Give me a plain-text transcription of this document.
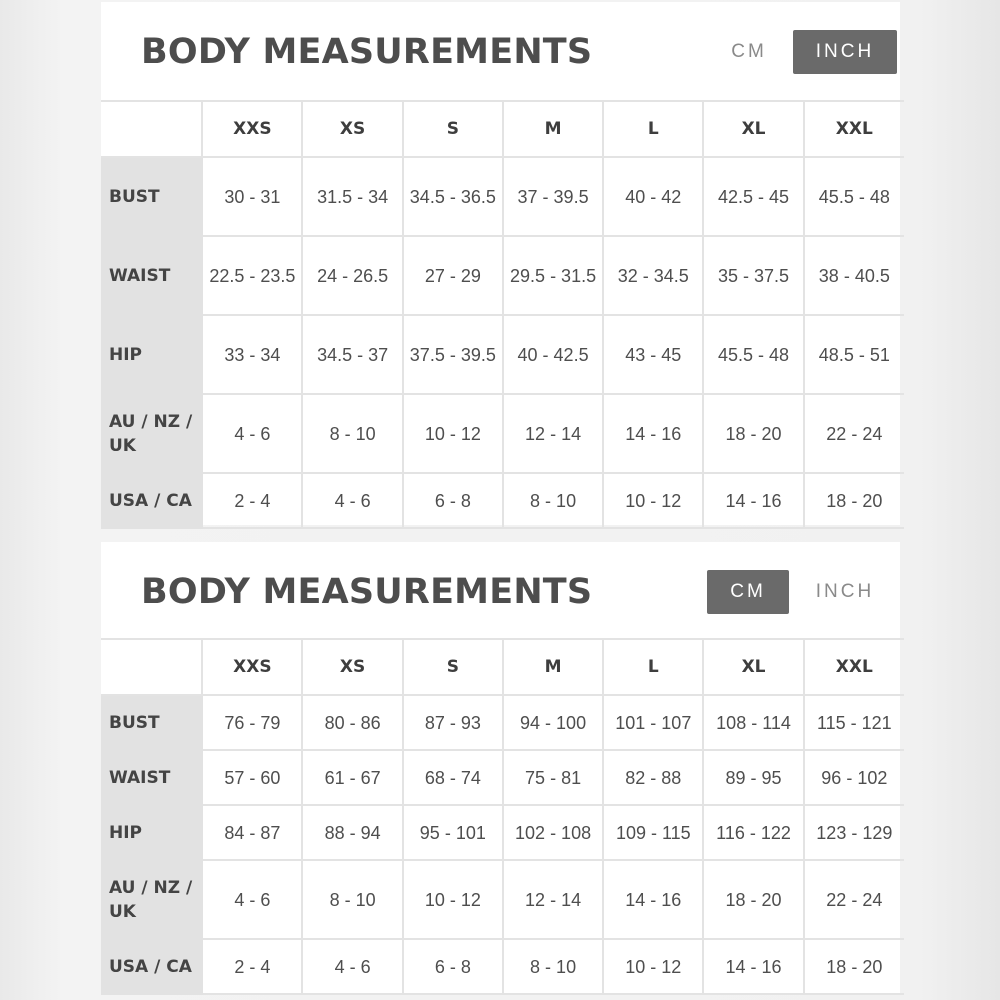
BODY MEASUREMENTS	CM	INCH
	XXS	XS	S	M	L	XL	XXL
BUST	30 - 31	31.5 - 34	34.5 - 36.5	37 - 39.5	40 - 42	42.5 - 45	45.5 - 48
WAIST	22.5 - 23.5	24 - 26.5	27 - 29	29.5 - 31.5	32 - 34.5	35 - 37.5	38 - 40.5
HIP	33 - 34	34.5 - 37	37.5 - 39.5	40 - 42.5	43 - 45	45.5 - 48	48.5 - 51
AU / NZ / UK	4 - 6	8 - 10	10 - 12	12 - 14	14 - 16	18 - 20	22 - 24
USA / CA	2 - 4	4 - 6	6 - 8	8 - 10	10 - 12	14 - 16	18 - 20
BODY MEASUREMENTS	CM	INCH
	XXS	XS	S	M	L	XL	XXL
BUST	76 - 79	80 - 86	87 - 93	94 - 100	101 - 107	108 - 114	115 - 121
WAIST	57 - 60	61 - 67	68 - 74	75 - 81	82 - 88	89 - 95	96 - 102
HIP	84 - 87	88 - 94	95 - 101	102 - 108	109 - 115	116 - 122	123 - 129
AU / NZ / UK	4 - 6	8 - 10	10 - 12	12 - 14	14 - 16	18 - 20	22 - 24
USA / CA	2 - 4	4 - 6	6 - 8	8 - 10	10 - 12	14 - 16	18 - 20
